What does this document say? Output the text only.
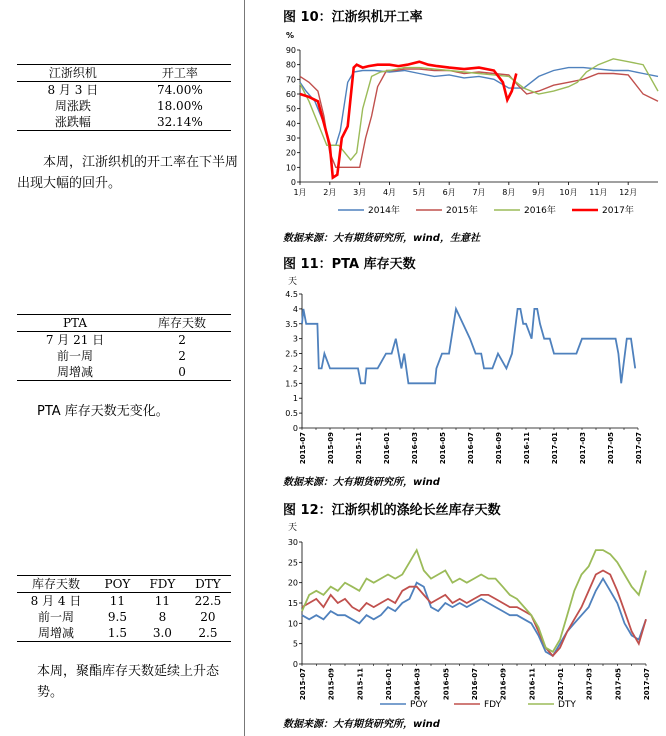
江浙织机	开工率
8 月 3 日	74.00%
周涨跌	18.00%
涨跌幅	32.14%
本周，江浙织机的开工率在下半周出现大幅的回升。
PTA	库存天数
7 月 21 日	2
前一周	2
周增减	0
PTA 库存天数无变化。
库存天数	POY	FDY	DTY
8 月 4 日	11	11	22.5
前一周	9.5	8	20
周增减	1.5	3.0	2.5
本周，聚酯库存天数延续上升态势。
图 10：江浙织机开工率
%
0
10
20
30
40
50
60
70
80
90
1月 2月 3月 4月 5月 6月 7月 8月 9月 10月 11月 12月
2014年	2015年	2016年	2017年
数据来源：大有期货研究所，wind，生意社
图 11：PTA 库存天数
天
0
0.5
1
1.5
2
2.5
3
3.5
4
4.5
2015-07	2015-09	2015-11	2016-01	2016-03	2016-05	2016-07	2016-09	2016-11	2017-01	2017-03	2017-05	2017-07
数据来源：大有期货研究所，wind
图 12：江浙织机的涤纶长丝库存天数
天
0
5
10
15
20
25
30
2015-07	2015-09	2015-11	2016-01	2016-03	2016-05	2016-07	2016-09	2016-11	2017-01	2017-03	2017-05	2017-07
POY	FDY	DTY
数据来源：大有期货研究所，wind
